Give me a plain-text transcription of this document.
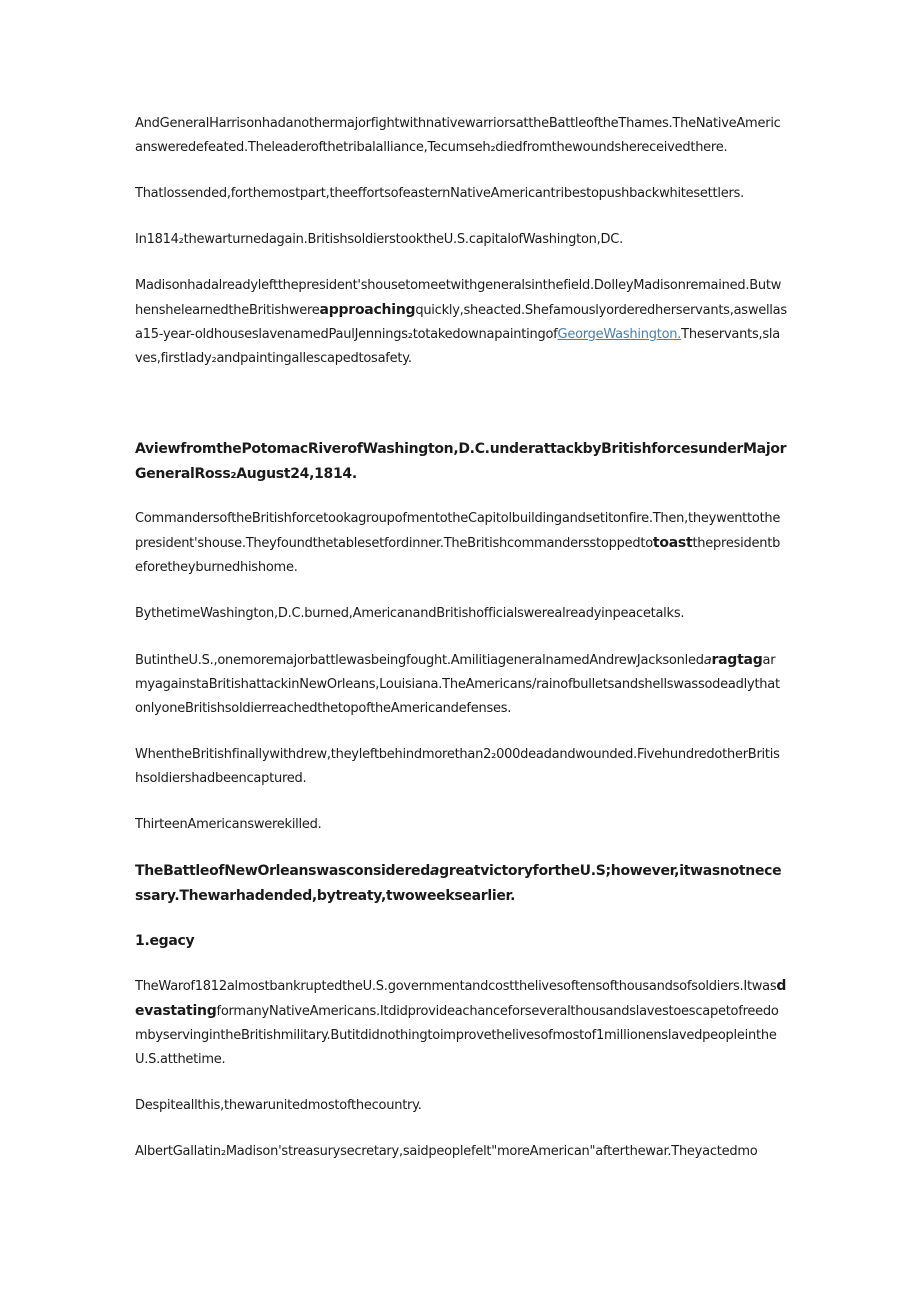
AndGeneralHarrisonhadanothermajorfightwithnativewarriorsattheBattleoftheThames.TheNativeAmericansweredefeated.Theleaderofthetribalalliance,Tecumseh₂diedfromthewoundshereceivedthere.

Thatlossended,forthemostpart,theeffortsofeasternNativeAmericantribestopushbackwhitesettlers.

In1814₂thewarturnedagain.BritishsoldierstooktheU.S.capitalofWashington,DC.

Madisonhadalreadyleftthepresident'shousetomeetwithgeneralsinthefield.DolleyMadisonremained.ButwhenshelearnedtheBritishwereapproachingquickly,sheacted.Shefamouslyorderedherservants,aswellasa15-year-oldhouseslavenamedPaulJennings₂totakedownapaintingofGeorgeWashington.Theservants,slaves,firstIady₂andpaintingallescapedtosafety.

AviewfromthePotomacRiverofWashington,D.C.underattackbyBritishforcesunderMajorGeneralRoss₂August24,1814.

CommandersoftheBritishforcetookagroupofmentotheCapitolbuildingandsetitonfire.Then,theywenttothepresident'shouse.Theyfoundthetablesetfordinner.TheBritishcommandersstoppedtotoastthepresidentbeforetheyburnedhishome.

BythetimeWashington,D.C.burned,AmericanandBritishofficialswerealreadyinpeacetalks.

ButintheU.S.,onemoremajorbattlewasbeingfought.AmilitiageneralnamedAndrewJacksonledaragtagarmyagainstaBritishattackinNewOrleans,Louisiana.TheAmericans/rainofbulletsandshellswassodeadlythatonlyoneBritishsoldierreachedthetopoftheAmericandefenses.

WhentheBritishfinallywithdrew,theyleftbehindmorethan2₂000deadandwounded.FivehundredotherBritishsoldiershadbeencaptured.

ThirteenAmericanswerekilled.

TheBattleofNewOrleanswasconsideredagreatvictoryfortheU.S;however,itwasnotnecessary.Thewarhadended,bytreaty,twoweeksearlier.

1.egacy

TheWarof1812almostbankruptedtheU.S.governmentandcostthelivesoftensofthousandsofsoldiers.ItwasdevastatingformanyNativeAmericans.ItdidprovideachanceforseveralthousandslavestoescapetofreedombyservingintheBritishmilitary.Butitdidnothingtoimprovethelivesofmostof1millionenslavedpeopleintheU.S.atthetime.

Despiteallthis,thewarunitedmostofthecountry.

AlbertGallatin₂Madison'streasurysecretary,saidpeoplefelt"moreAmerican"afterthewar.Theyactedmo
